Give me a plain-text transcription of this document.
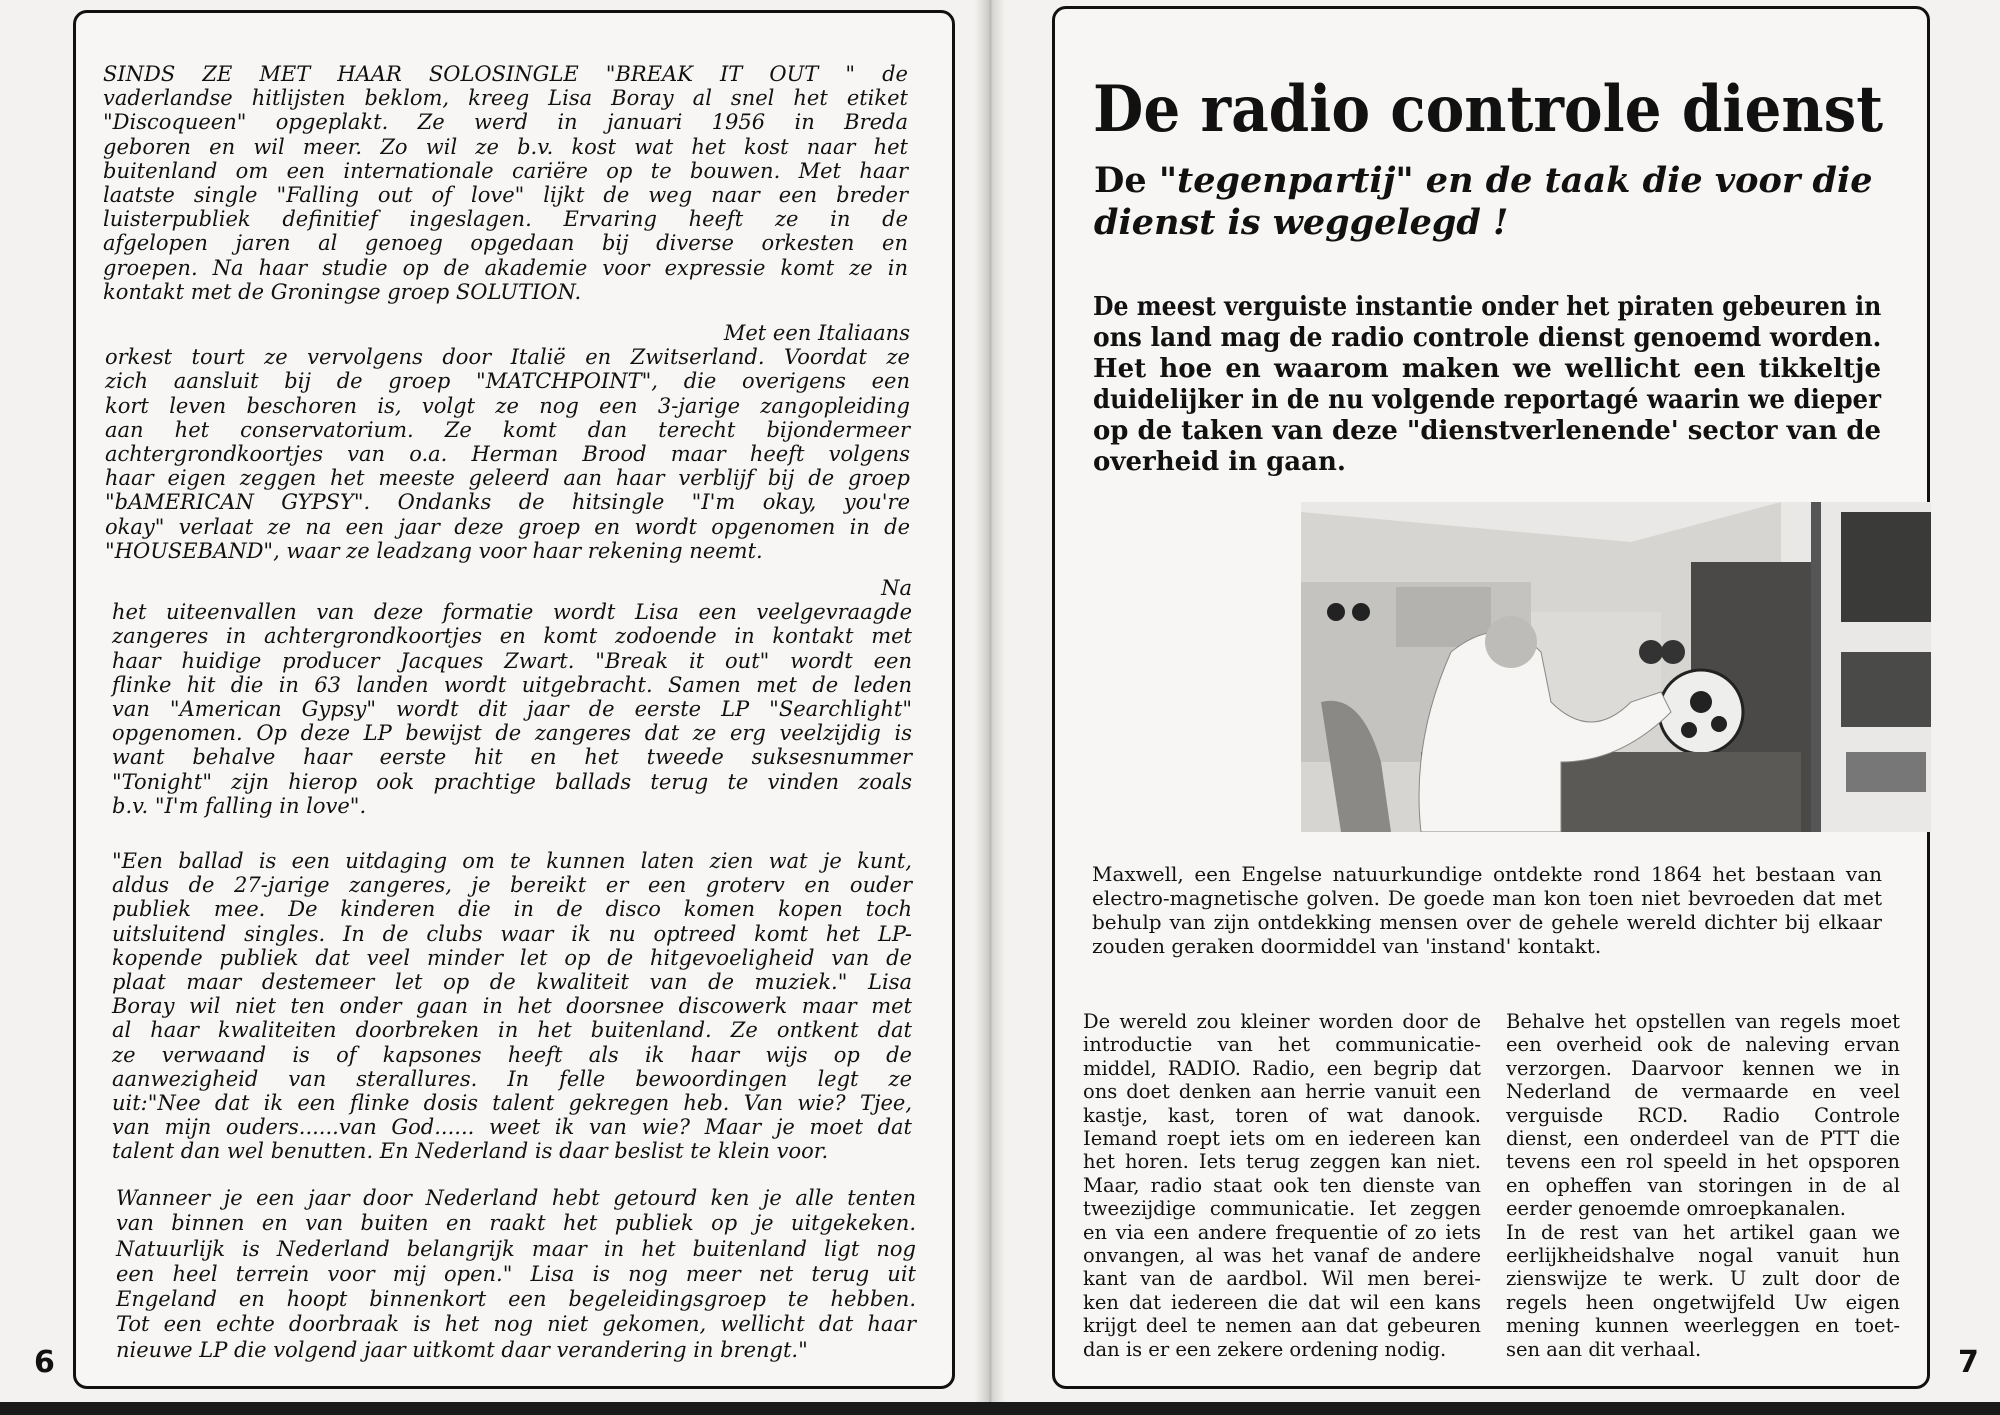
SINDS ZE MET HAAR SOLOSINGLE "BREAK IT OUT " de
vaderlandse hitlijsten beklom, kreeg Lisa Boray al snel het etiket
"Discoqueen" opgeplakt. Ze werd in januari 1956 in Breda
geboren en wil meer. Zo wil ze b.v. kost wat het kost naar het
buitenland om een internationale cariëre op te bouwen. Met haar
laatste single "Falling out of love" lijkt de weg naar een breder
luisterpubliek definitief ingeslagen. Ervaring heeft ze in de
afgelopen jaren al genoeg opgedaan bij diverse orkesten en
groepen. Na haar studie op de akademie voor expressie komt ze in
kontakt met de Groningse groep SOLUTION.
Met een Italiaans
orkest tourt ze vervolgens door Italië en Zwitserland. Voordat ze
zich aansluit bij de groep "MATCHPOINT", die overigens een
kort leven beschoren is, volgt ze nog een 3-jarige zangopleiding
aan het conservatorium. Ze komt dan terecht bijondermeer
achtergrondkoortjes van o.a. Herman Brood maar heeft volgens
haar eigen zeggen het meeste geleerd aan haar verblijf bij de groep
"bAMERICAN GYPSY". Ondanks de hitsingle "I'm okay, you're
okay" verlaat ze na een jaar deze groep en wordt opgenomen in de
"HOUSEBAND", waar ze leadzang voor haar rekening neemt.
Na
het uiteenvallen van deze formatie wordt Lisa een veelgevraagde
zangeres in achtergrondkoortjes en komt zodoende in kontakt met
haar huidige producer Jacques Zwart. "Break it out" wordt een
flinke hit die in 63 landen wordt uitgebracht. Samen met de leden
van "American Gypsy" wordt dit jaar de eerste LP "Searchlight"
opgenomen. Op deze LP bewijst de zangeres dat ze erg veelzijdig is
want behalve haar eerste hit en het tweede suksesnummer
"Tonight" zijn hierop ook prachtige ballads terug te vinden zoals
b.v. "I'm falling in love".
"Een ballad is een uitdaging om te kunnen laten zien wat je kunt,
aldus de 27-jarige zangeres, je bereikt er een groterv en ouder
publiek mee. De kinderen die in de disco komen kopen toch
uitsluitend singles. In de clubs waar ik nu optreed komt het LP-
kopende publiek dat veel minder let op de hitgevoeligheid van de
plaat maar destemeer let op de kwaliteit van de muziek." Lisa
Boray wil niet ten onder gaan in het doorsnee discowerk maar met
al haar kwaliteiten doorbreken in het buitenland. Ze ontkent dat
ze verwaand is of kapsones heeft als ik haar wijs op de
aanwezigheid van sterallures. In felle bewoordingen legt ze
uit:"Nee dat ik een flinke dosis talent gekregen heb. Van wie? Tjee,
van mijn ouders......van God...... weet ik van wie? Maar je moet dat
talent dan wel benutten. En Nederland is daar beslist te klein voor.
Wanneer je een jaar door Nederland hebt getourd ken je alle tenten
van binnen en van buiten en raakt het publiek op je uitgekeken.
Natuurlijk is Nederland belangrijk maar in het buitenland ligt nog
een heel terrein voor mij open." Lisa is nog meer net terug uit
Engeland en hoopt binnenkort een begeleidingsgroep te hebben.
Tot een echte doorbraak is het nog niet gekomen, wellicht dat haar
nieuwe LP die volgend jaar uitkomt daar verandering in brengt."
6
De radio controle dienst
De "tegenpartij" en de taak die voor die
dienst is weggelegd !
De meest verguiste instantie onder het piraten gebeuren in
ons land mag de radio controle dienst genoemd worden.
Het hoe en waarom maken we wellicht een tikkeltje
duidelijker in de nu volgende reportagé waarin we dieper
op de taken van deze "dienstverlenende' sector van de
overheid in gaan.
Maxwell, een Engelse natuurkundige ontdekte rond 1864 het bestaan van
electro-magnetische golven. De goede man kon toen niet bevroeden dat met
behulp van zijn ontdekking mensen over de gehele wereld dichter bij elkaar
zouden geraken doormiddel van 'instand' kontakt.
De wereld zou kleiner worden door de
introductie van het communicatie-
middel, RADIO. Radio, een begrip dat
ons doet denken aan herrie vanuit een
kastje, kast, toren of wat danook.
Iemand roept iets om en iedereen kan
het horen. Iets terug zeggen kan niet.
Maar, radio staat ook ten dienste van
tweezijdige communicatie. Iet zeggen
en via een andere frequentie of zo iets
onvangen, al was het vanaf de andere
kant van de aardbol. Wil men berei-
ken dat iedereen die dat wil een kans
krijgt deel te nemen aan dat gebeuren
dan is er een zekere ordening nodig.
Behalve het opstellen van regels moet
een overheid ook de naleving ervan
verzorgen. Daarvoor kennen we in
Nederland de vermaarde en veel
verguisde RCD. Radio Controle
dienst, een onderdeel van de PTT die
tevens een rol speeld in het opsporen
en opheffen van storingen in de al
eerder genoemde omroepkanalen.
In de rest van het artikel gaan we
eerlijkheidshalve nogal vanuit hun
zienswijze te werk. U zult door de
regels heen ongetwijfeld Uw eigen
mening kunnen weerleggen en toet-
sen aan dit verhaal.	7
